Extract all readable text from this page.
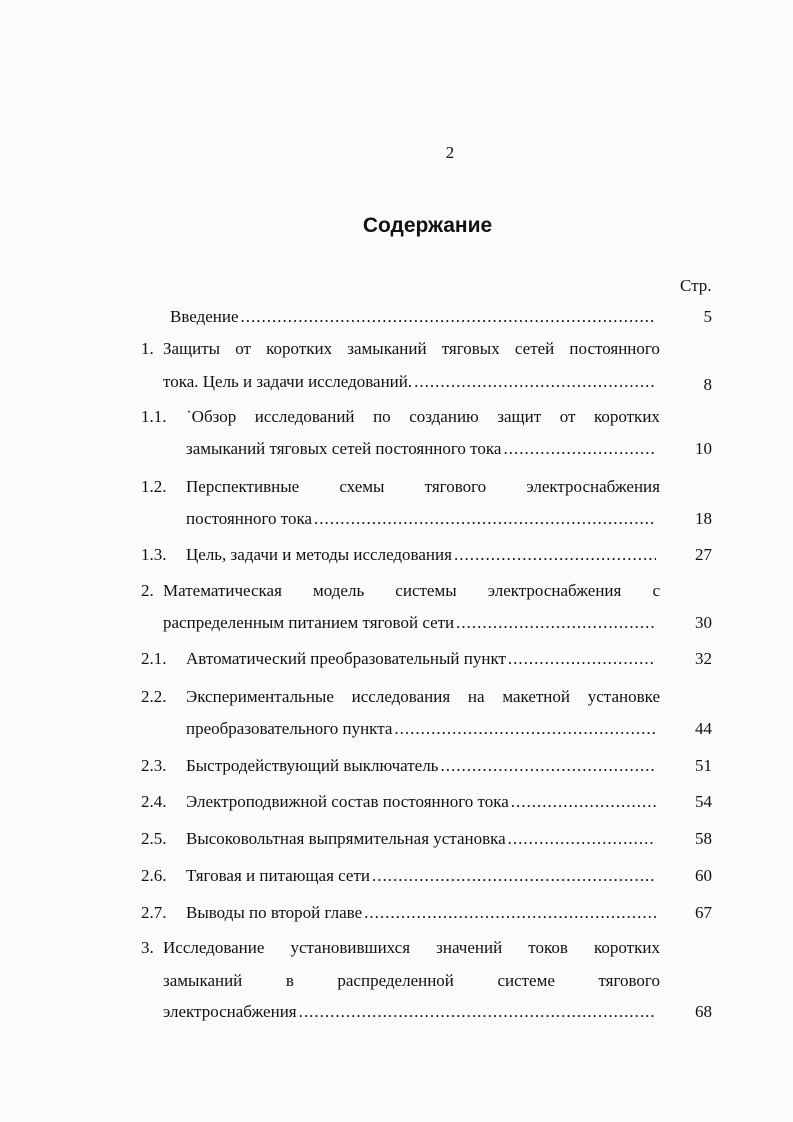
2
Содержание
Стр.
Введение .....	5
1. Защиты от коротких замыканий тяговых сетей постоянного
тока. Цель и задачи исследований. .....	8
1.1. ˙Обзор исследований по созданию защит от коротких
замыканий тяговых сетей постоянного тока .....	10
1.2. Перспективные схемы тягового электроснабжения
постоянного тока .....	18
1.3. Цель, задачи и методы исследования .....	27
2. Математическая модель системы электроснабжения с
распределенным питанием тяговой сети .....	30
2.1. Автоматический преобразовательный пункт .....	32
2.2. Экспериментальные исследования на макетной установке
преобразовательного пункта .....	44
2.3. Быстродействующий выключатель .....	51
2.4. Электроподвижной состав постоянного тока .....	54
2.5. Высоковольтная выпрямительная установка .....	58
2.6. Тяговая и питающая сети .....	60
2.7. Выводы по второй главе .....	67
3. Исследование установившихся значений токов коротких
замыканий	в	распределенной	системе	тягового
электроснабжения .....	68
